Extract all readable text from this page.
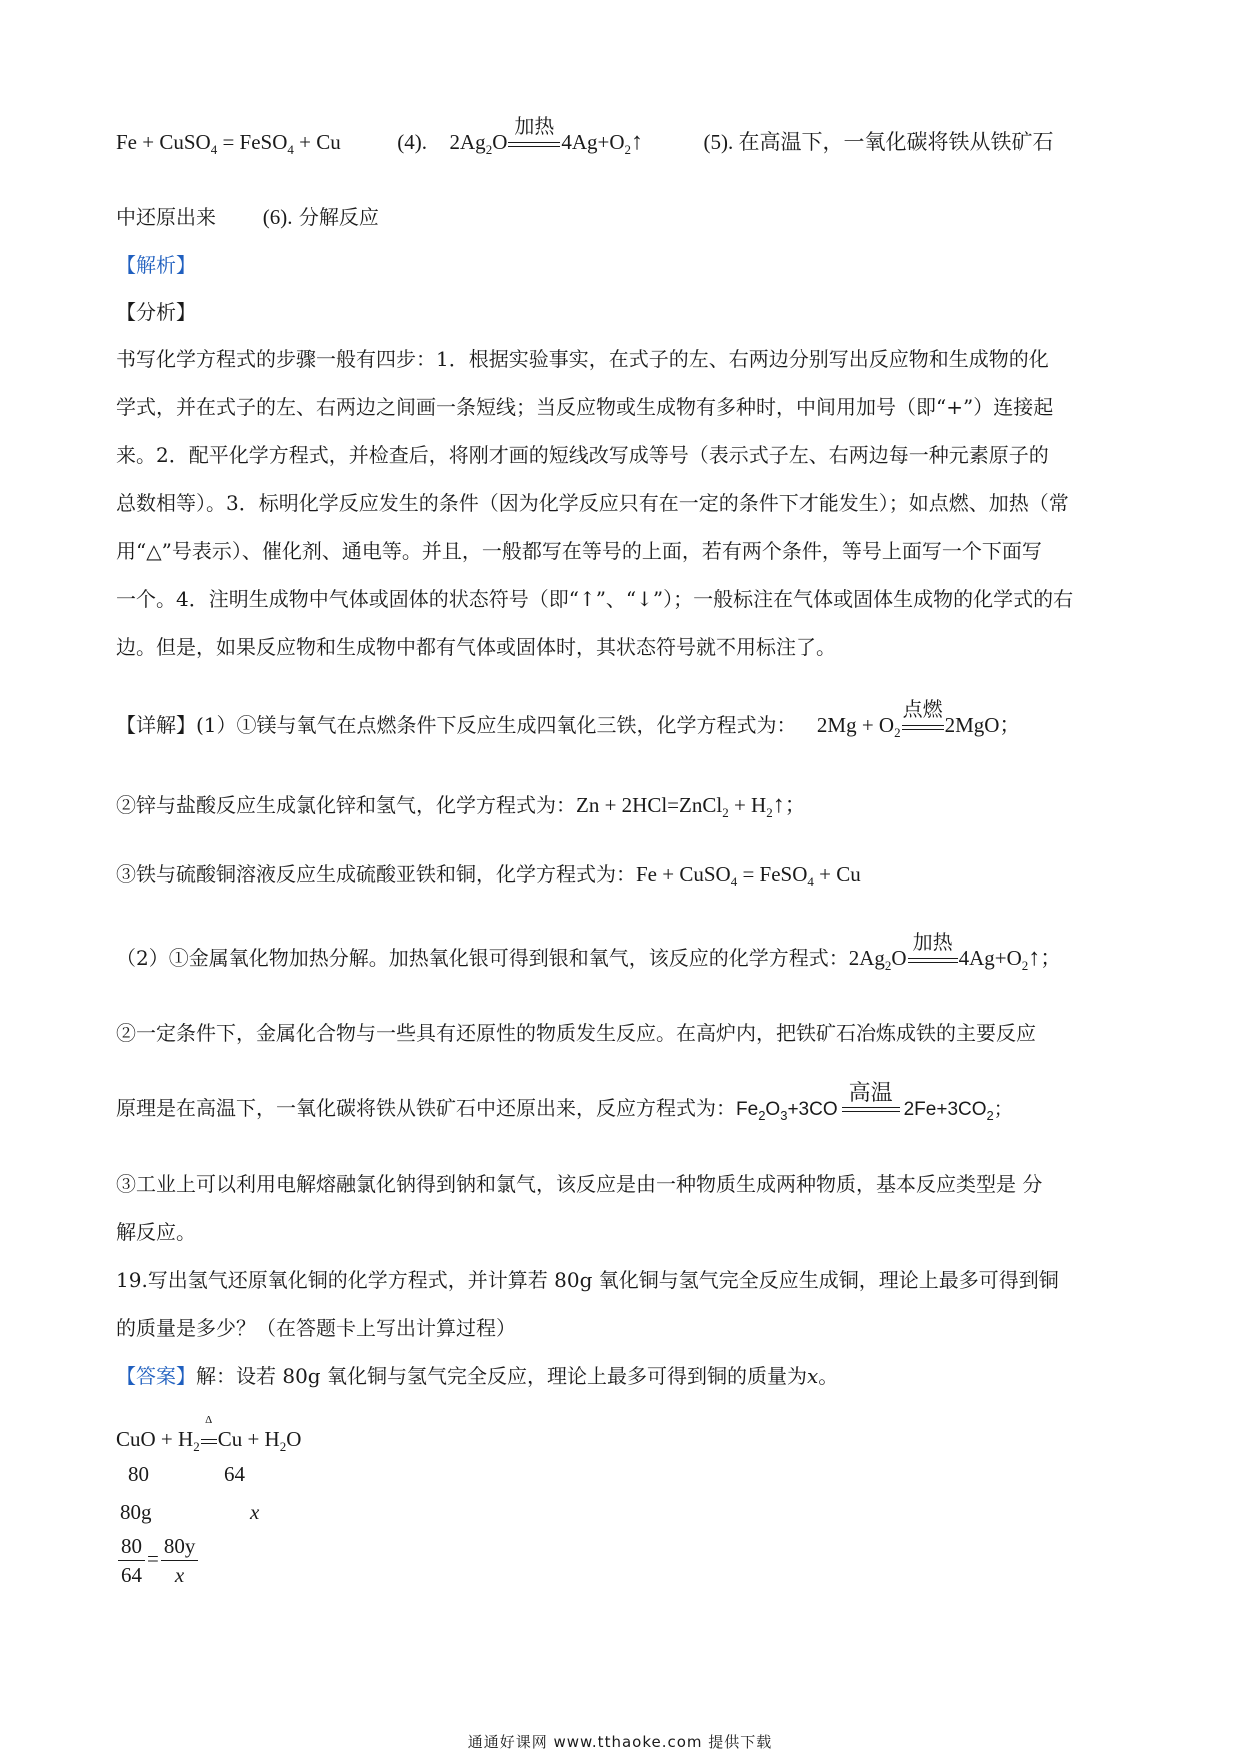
Fe + CuSO$_4$ = FeSO$_4$ + Cu	(4). $2Ag_2O$
加热
$4Ag+O_2↑$	(5). 在高温下，一氧化碳将铁从铁矿石
中还原出来 (6). 分解反应
【解析】
【分析】
书写化学方程式的步骤一般有四步：1．根据实验事实，在式子的左、右两边分别写出反应物和生成物的化
学式，并在式子的左、右两边之间画一条短线；当反应物或生成物有多种时，中间用加号（即“+”）连接起
来。2．配平化学方程式，并检查后，将刚才画的短线改写成等号（表示式子左、右两边每一种元素原子的
总数相等）。3．标明化学反应发生的条件（因为化学反应只有在一定的条件下才能发生）；如点燃、加热（常
用“△”号表示）、催化剂、通电等。并且，一般都写在等号的上面，若有两个条件，等号上面写一个下面写
一个。4．注明生成物中气体或固体的状态符号（即“↑”、“↓”）；一般标注在气体或固体生成物的化学式的右
边。但是，如果反应物和生成物中都有气体或固体时，其状态符号就不用标注了。
【详解】(1）①镁与氧气在点燃条件下反应生成四氧化三铁，化学方程式为： $2Mg + O_2$
点燃
2MgO；
②锌与盐酸反应生成氯化锌和氢气，化学方程式为：Zn + 2HCl=ZnCl$_2$ + $H_2↑$；
③铁与硫酸铜溶液反应生成硫酸亚铁和铜，化学方程式为：Fe + CuSO$_4$ = FeSO$_4$ + Cu
（2）①金属氧化物加热分解。加热氧化银可得到银和氧气，该反应的化学方程式：$2Ag_2O$
加热
$4Ag+O_2↑$；
②一定条件下，金属化合物与一些具有还原性的物质发生反应。在高炉内，把铁矿石冶炼成铁的主要反应
原理是在高温下，一氧化碳将铁从铁矿石中还原出来，反应方程式为：$Fe_2O_3+3CO$
高温
$2Fe+3CO_2$；
③工业上可以利用电解熔融氯化钠得到钠和氯气，该反应是由一种物质生成两种物质，基本反应类型是 分
解反应。
19.写出氢气还原氧化铜的化学方程式，并计算若 80g 氧化铜与氢气完全反应生成铜，理论上最多可得到铜
的质量是多少？（在答题卡上写出计算过程）
【答案】解：设若 80g 氧化铜与氢气完全反应，理论上最多可得到铜的质量为x。
CuO + $H_2$
Δ
$Cu + H_2O$
80	64
80g	x
$\frac{80}{64} = \frac{80y}{x}$
通通好课网 www.tthaoke.com 提供下载
